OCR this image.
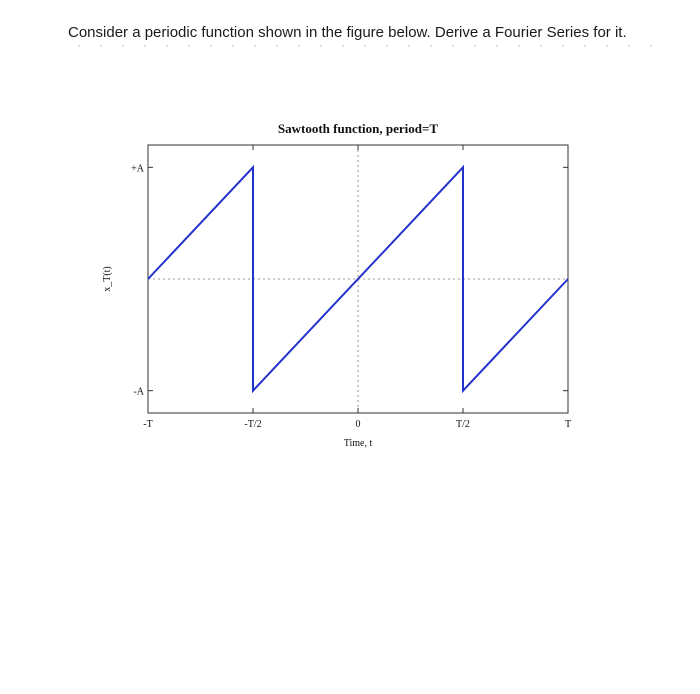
Consider a periodic function shown in the figure below. Derive a Fourier Series for it.

Sawtooth function, period=T
-T	-T/2	0	T/2	T
+A
-A
Time, t
x_T(t)
